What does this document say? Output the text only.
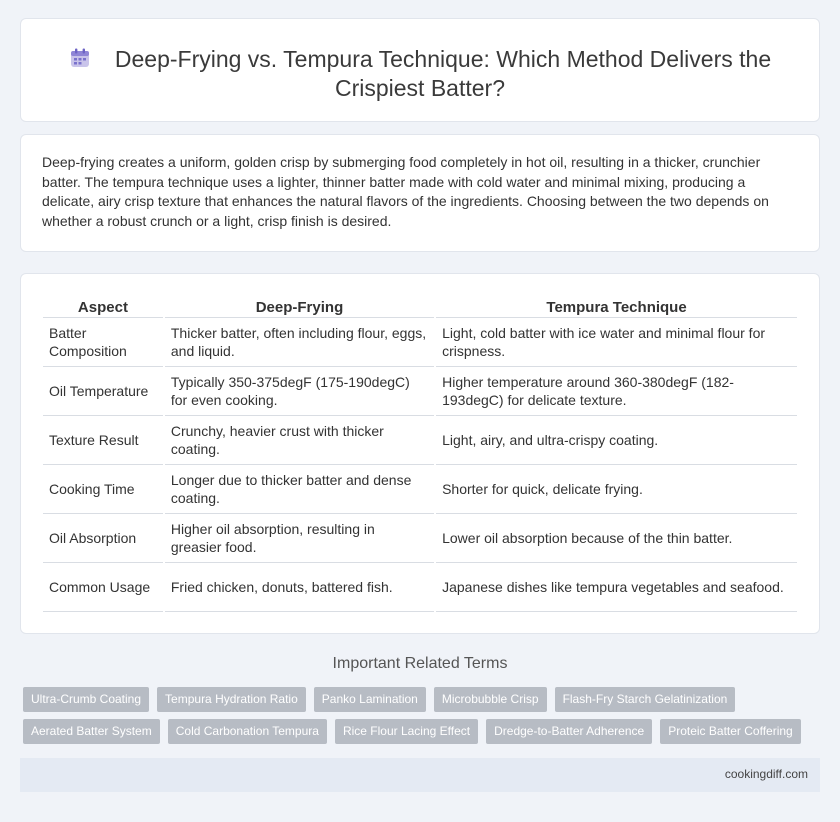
Deep-Frying vs. Tempura Technique: Which Method Delivers the Crispiest Batter?

Deep-frying creates a uniform, golden crisp by submerging food completely in hot oil, resulting in a thicker, crunchier batter. The tempura technique uses a lighter, thinner batter made with cold water and minimal mixing, producing a delicate, airy crisp texture that enhances the natural flavors of the ingredients. Choosing between the two depends on whether a robust crunch or a light, crisp finish is desired.

Aspect	Deep-Frying	Tempura Technique
Batter Composition	Thicker batter, often including flour, eggs, and liquid.	Light, cold batter with ice water and minimal flour for crispness.
Oil Temperature	Typically 350-375degF (175-190degC) for even cooking.	Higher temperature around 360-380degF (182-193degC) for delicate texture.
Texture Result	Crunchy, heavier crust with thicker coating.	Light, airy, and ultra-crispy coating.
Cooking Time	Longer due to thicker batter and dense coating.	Shorter for quick, delicate frying.
Oil Absorption	Higher oil absorption, resulting in greasier food.	Lower oil absorption because of the thin batter.
Common Usage	Fried chicken, donuts, battered fish.	Japanese dishes like tempura vegetables and seafood.
Important Related Terms
Ultra-Crumb Coating	Tempura Hydration Ratio	Panko Lamination	Microbubble Crisp	Flash-Fry Starch Gelatinization
Aerated Batter System	Cold Carbonation Tempura	Rice Flour Lacing Effect	Dredge-to-Batter Adherence	Proteic Batter Coffering
cookingdiff.com
